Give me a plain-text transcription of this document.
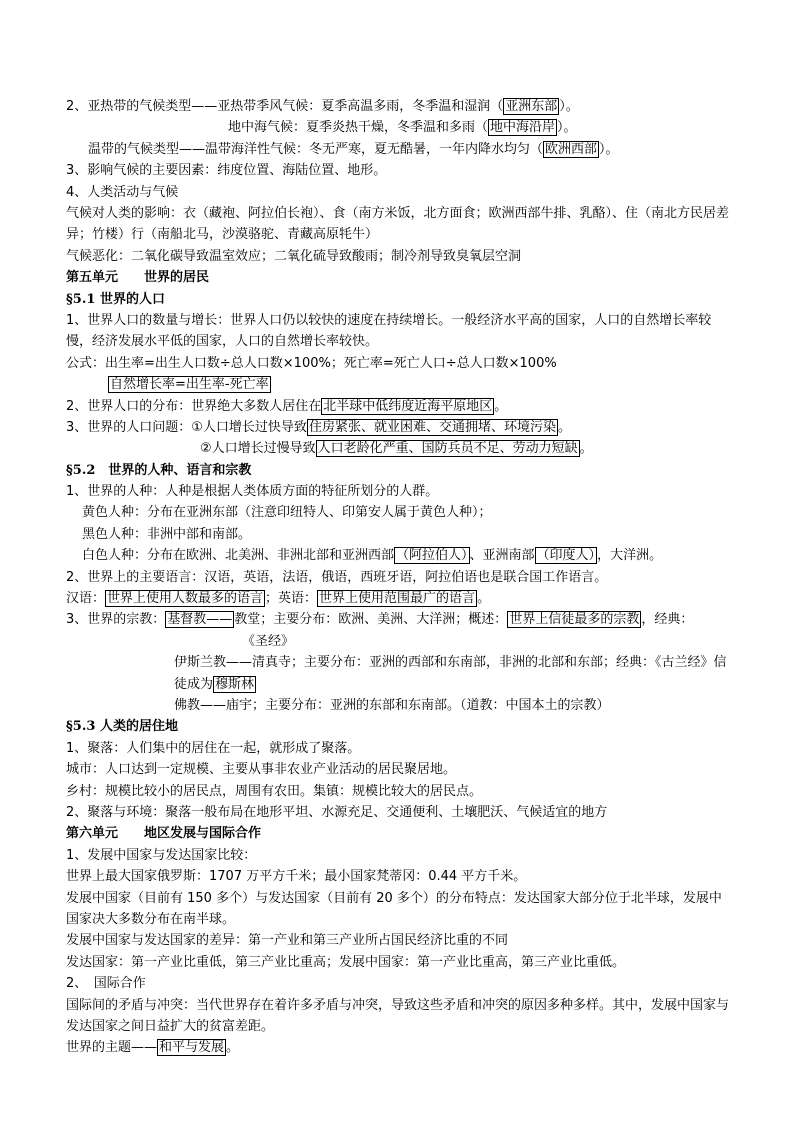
2、亚热带的气候类型——亚热带季风气候：夏季高温多雨，冬季温和湿润（ 亚洲东部 ）。
地中海气候：夏季炎热干燥，冬季温和多雨（ 地中海沿岸 ）。
温带的气候类型——温带海洋性气候：冬无严寒，夏无酷暑，一年内降水均匀（ 欧洲西部 ）。
3、影响气候的主要因素：纬度位置、海陆位置、地形。
4、人类活动与气候
气候对人类的影响：衣（藏袍、阿拉伯长袍）、食（南方米饭，北方面食；欧洲西部牛排、乳酪）、住（南北方民居差异；竹楼）行（南船北马，沙漠骆驼、青藏高原牦牛）
气候恶化：二氧化碳导致温室效应；二氧化硫导致酸雨；制冷剂导致臭氧层空洞
第五单元　　世界的居民
§5.1 世界的人口
1、世界人口的数量与增长：世界人口仍以较快的速度在持续增长。一般经济水平高的国家，人口的自然增长率较慢，经济发展水平低的国家，人口的自然增长率较快。
公式：出生率=出生人口数÷总人口数×100%；死亡率=死亡人口÷总人口数×100%
自然增长率=出生率-死亡率
2、世界人口的分布：世界绝大多数人居住在 北半球中低纬度近海平原地区 。
3、世界的人口问题：①人口增长过快导致 住房紧张、就业困难、交通拥堵、环境污染 。
②人口增长过慢导致 人口老龄化严重、国防兵员不足、劳动力短缺 。
§5.2　世界的人种、语言和宗教
1、世界的人种：人种是根据人类体质方面的特征所划分的人群。
黄色人种：分布在亚洲东部（注意印纽特人、印第安人属于黄色人种）；
黑色人种：非洲中部和南部。
白色人种：分布在欧洲、北美洲、非洲北部和亚洲西部 （阿拉伯人） 、亚洲南部 （印度人） ，大洋洲。
2、世界上的主要语言：汉语，英语，法语，俄语，西班牙语，阿拉伯语也是联合国工作语言。
汉语： 世界上使用人数最多的语言 ；英语： 世界上使用范围最广的语言 。
3、世界的宗教： 基督教—— 教堂；主要分布：欧洲、美洲、大洋洲；概述： 世界上信徒最多的宗教 ，经典：
《圣经》
伊斯兰教——清真寺；主要分布：亚洲的西部和东南部，非洲的北部和东部；经典：《古兰经》信徒成为 穆斯林
佛教——庙宇；主要分布：亚洲的东部和东南部。（道教：中国本土的宗教）
§5.3 人类的居住地
1、聚落：人们集中的居住在一起，就形成了聚落。
城市：人口达到一定规模、主要从事非农业产业活动的居民聚居地。
乡村：规模比较小的居民点，周围有农田。集镇：规模比较大的居民点。
2、聚落与环境：聚落一般布局在地形平坦、水源充足、交通便利、土壤肥沃、气候适宜的地方
第六单元　　地区发展与国际合作
1、发展中国家与发达国家比较：
世界上最大国家俄罗斯：1707 万平方千米；最小国家梵蒂冈：0.44 平方千米。
发展中国家（目前有 150 多个）与发达国家（目前有 20 多个）的分布特点：发达国家大部分位于北半球，发展中国家决大多数分布在南半球。
发展中国家与发达国家的差异：第一产业和第三产业所占国民经济比重的不同
发达国家：第一产业比重低，第三产业比重高；发展中国家：第一产业比重高，第三产业比重低。
2、　国际合作
国际间的矛盾与冲突：当代世界存在着许多矛盾与冲突，导致这些矛盾和冲突的原因多种多样。其中，发展中国家与发达国家之间日益扩大的贫富差距。
世界的主题—— 和平与发展 。
